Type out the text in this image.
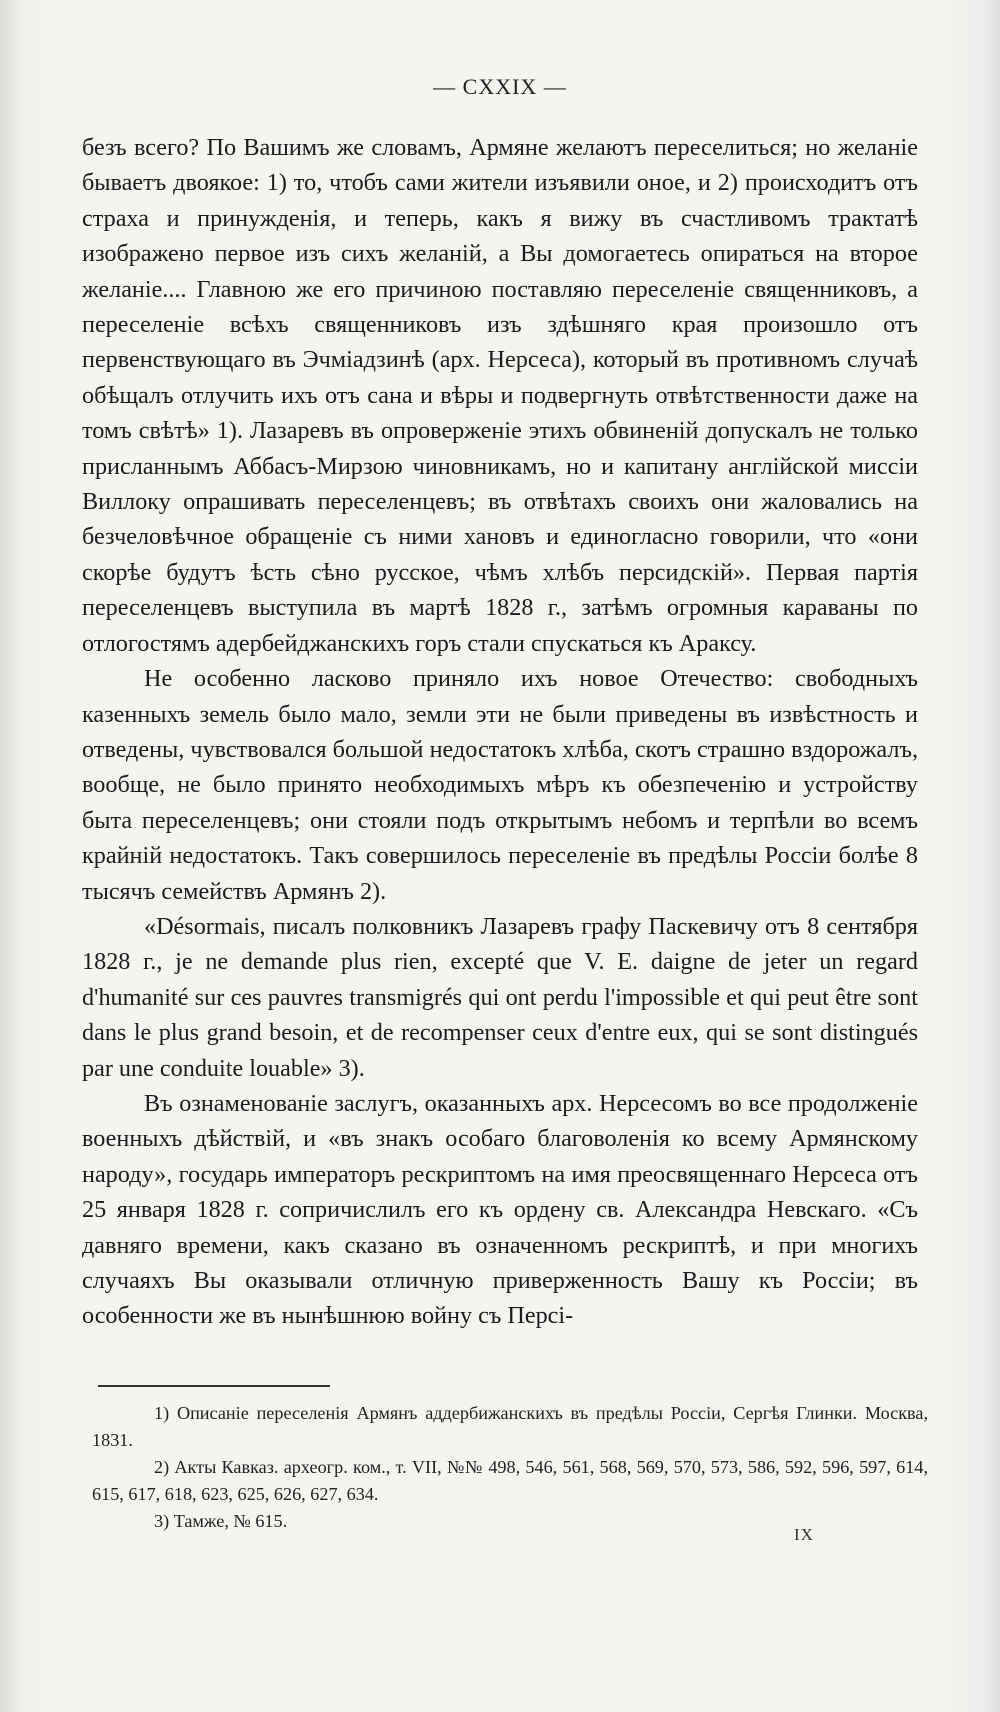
— CXXIX —

безъ всего? По Вашимъ же словамъ, Армяне желаютъ переселиться; но желаніе бываетъ двоякое: 1) то, чтобъ сами жители изъявили оное, и 2) происходитъ отъ страха и принужденія, и теперь, какъ я вижу въ счастливомъ трактатѣ изображено первое изъ сихъ желаній, а Вы домогаетесь опираться на второе желаніе.... Главною же его причиною поставляю переселеніе священниковъ, а переселеніе всѣхъ священниковъ изъ здѣшняго края произошло отъ первенствующаго въ Эчміадзинѣ (арх. Нерсеса), который въ противномъ случаѣ обѣщалъ отлучить ихъ отъ сана и вѣры и подвергнуть отвѣтственности даже на томъ свѣтѣ» 1). Лазаревъ въ опроверженіе этихъ обвиненій допускалъ не только присланнымъ Аббасъ-Мирзою чиновникамъ, но и капитану англійской миссіи Виллоку опрашивать переселенцевъ; въ отвѣтахъ своихъ они жаловались на безчеловѣчное обращеніе съ ними хановъ и единогласно говорили, что «они скорѣе будутъ ѣсть сѣно русское, чѣмъ хлѣбъ персидскій». Первая партія переселенцевъ выступила въ мартѣ 1828 г., затѣмъ огромныя караваны по отлогостямъ адербейджанскихъ горъ стали спускаться къ Араксу.

Не особенно ласково приняло ихъ новое Отечество: свободныхъ казенныхъ земель было мало, земли эти не были приведены въ извѣстность и отведены, чувствовался большой недостатокъ хлѣба, скотъ страшно вздорожалъ, вообще, не было принято необходимыхъ мѣръ къ обезпеченію и устройству быта переселенцевъ; они стояли подъ открытымъ небомъ и терпѣли во всемъ крайній недостатокъ. Такъ совершилось переселеніе въ предѣлы Россіи болѣе 8 тысячъ семействъ Армянъ 2).

«Désormais, писалъ полковникъ Лазаревъ графу Паскевичу отъ 8 сентября 1828 г., je ne demande plus rien, excepté que V. E. daigne de jeter un regard d'humanité sur ces pauvres transmigrés qui ont perdu l'impossible et qui peut être sont dans le plus grand besoin, et de recompenser ceux d'entre eux, qui se sont distingués par une conduite louable» 3).

Въ ознаменованіе заслугъ, оказанныхъ арх. Нерсесомъ во все продолженіе военныхъ дѣйствій, и «въ знакъ особаго благоволенія ко всему Армянскому народу», государь императоръ рескриптомъ на имя преосвященнаго Нерсеса отъ 25 января 1828 г. сопричислилъ его къ ордену св. Александра Невскаго. «Съ давняго времени, какъ сказано въ означенномъ рескриптѣ, и при многихъ случаяхъ Вы оказывали отличную приверженность Вашу къ Россіи; въ особенности же въ нынѣшнюю войну съ Персі-

1) Описаніе переселенія Армянъ аддербижанскихъ въ предѣлы Россіи, Сергѣя Глинки. Москва, 1831.

2) Акты Кавказ. археогр. ком., т. VII, №№ 498, 546, 561, 568, 569, 570, 573, 586, 592, 596, 597, 614, 615, 617, 618, 623, 625, 626, 627, 634.

3) Тамже, № 615.

IX
